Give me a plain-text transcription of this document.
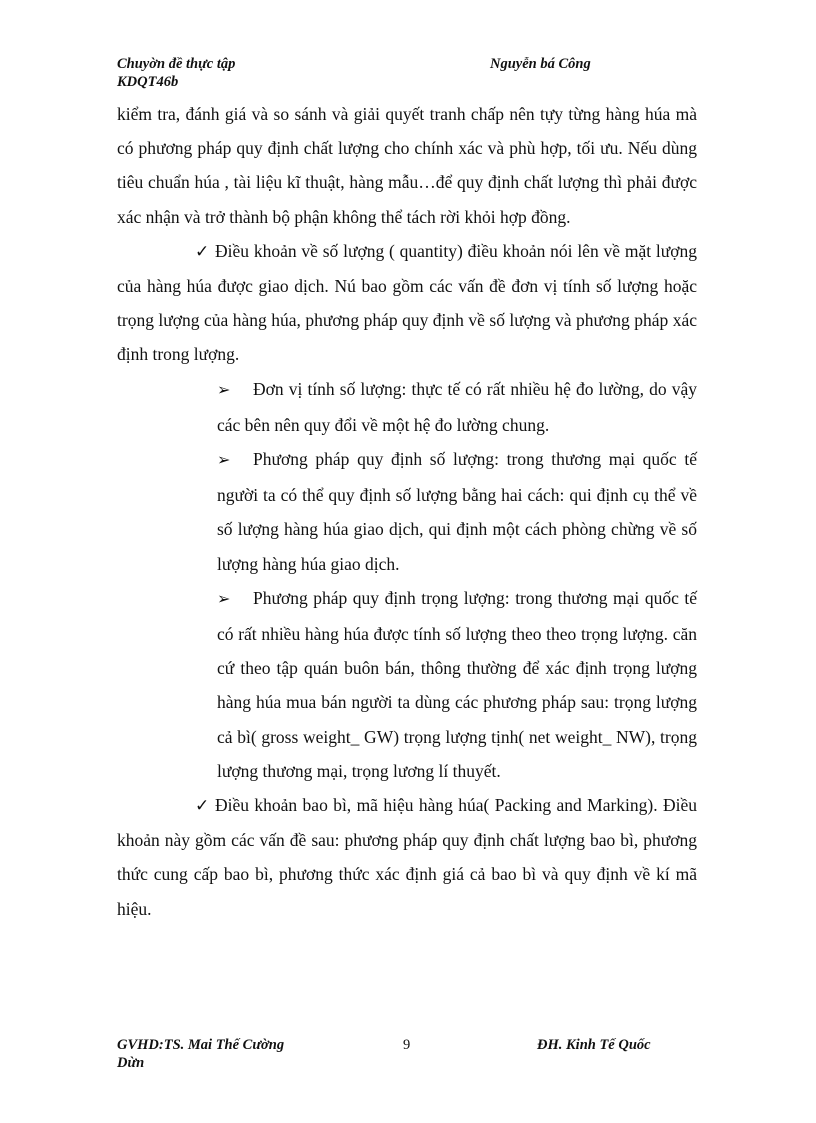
Chuyờn đề thực tập
KDQT46b
Nguyễn bá Công

kiểm tra, đánh giá và so sánh và giải quyết tranh chấp nên tựy từng hàng húa mà có phương pháp quy định chất lượng cho chính xác và phù hợp, tối ưu. Nếu dùng tiêu chuẩn húa , tài liệu kĩ thuật, hàng mẫu…để quy định chất lượng thì phải được xác nhận và trở thành bộ phận không thể tách rời khỏi hợp đồng.

✓ Điều khoản về số lượng ( quantity) điều khoản nói lên về mặt lượng của hàng húa được giao dịch. Nú bao gồm các vấn đề đơn vị tính số lượng hoặc trọng lượng của hàng húa, phương pháp quy định về số lượng và phương pháp xác định trong lượng.

➢ Đơn vị tính số lượng: thực tế có rất nhiều hệ đo lường, do vậy các bên nên quy đổi về một hệ đo lường chung.

➢ Phương pháp quy định số lượng: trong thương mại quốc tế người ta có thể quy định số lượng bằng hai cách: qui định cụ thể về số lượng hàng húa giao dịch, qui định một cách phòng chừng về số lượng hàng húa giao dịch.

➢ Phương pháp quy định trọng lượng: trong thương mại quốc tế có rất nhiều hàng húa được tính số lượng theo theo trọng lượng. căn cứ theo tập quán buôn bán, thông thường để xác định trọng lượng hàng húa mua bán người ta dùng các phương pháp sau: trọng lượng cả bì( gross weight_ GW) trọng lượng tịnh( net weight_ NW), trọng lượng thương mại, trọng lương lí thuyết.

✓ Điều khoản bao bì, mã hiệu hàng húa( Packing and Marking). Điều khoản này gồm các vấn đề sau: phương pháp quy định chất lượng bao bì, phương thức cung cấp bao bì, phương thức xác định giá cả bao bì và quy định về kí mã hiệu.

GVHD:TS. Mai Thế Cường
Dừn
9	ĐH. Kinh Tế Quốc
